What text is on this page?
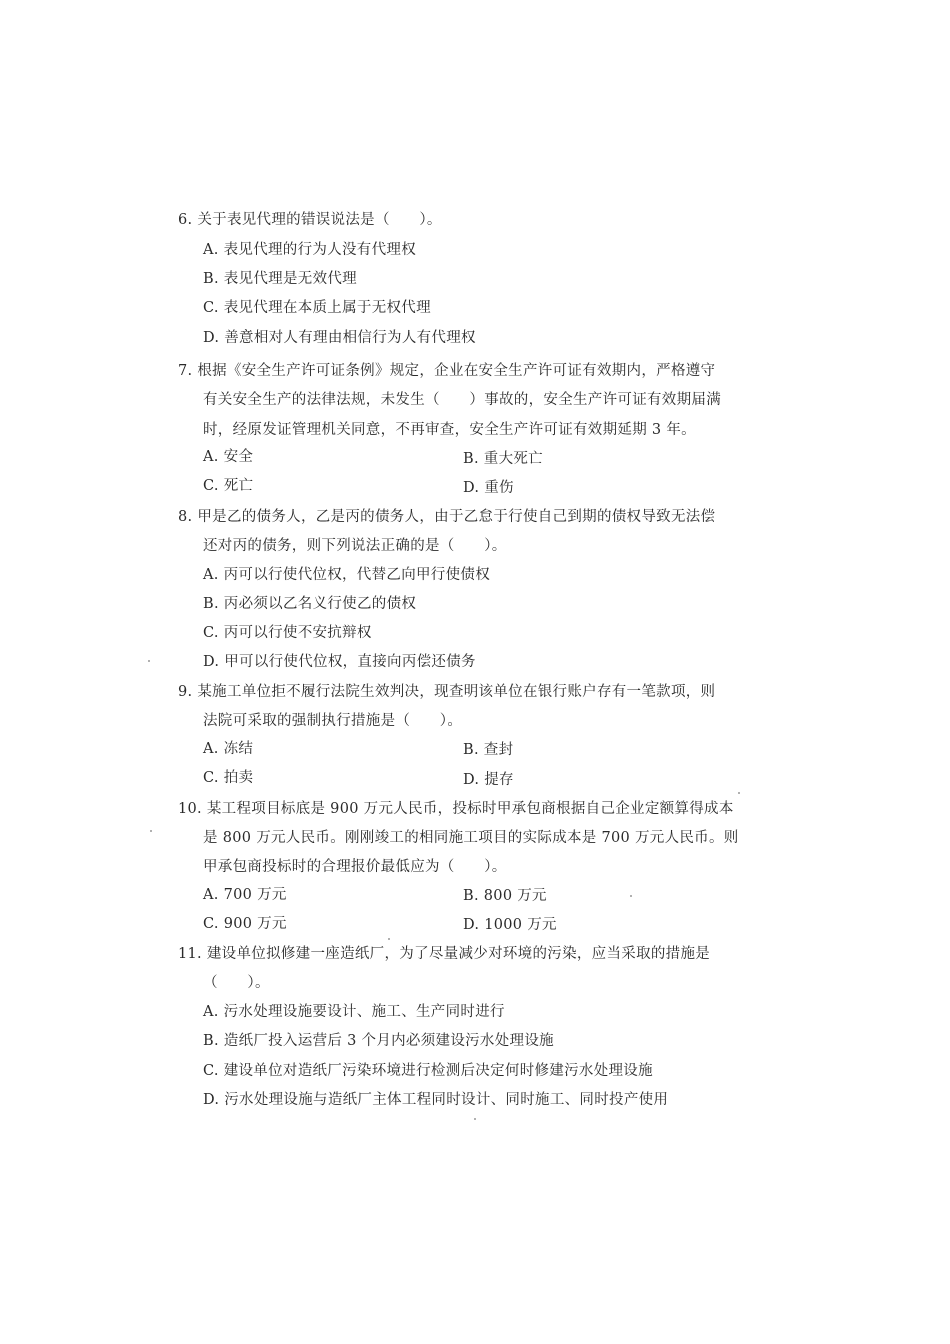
6. 关于表见代理的错误说法是（　　）。
A. 表见代理的行为人没有代理权
B. 表见代理是无效代理
C. 表见代理在本质上属于无权代理
D. 善意相对人有理由相信行为人有代理权
7. 根据《安全生产许可证条例》规定，企业在安全生产许可证有效期内，严格遵守
有关安全生产的法律法规，未发生（　　）事故的，安全生产许可证有效期届满
时，经原发证管理机关同意，不再审查，安全生产许可证有效期延期 3 年。
A. 安全	B. 重大死亡
C. 死亡	D. 重伤
8. 甲是乙的债务人，乙是丙的债务人，由于乙怠于行使自己到期的债权导致无法偿
还对丙的债务，则下列说法正确的是（　　）。
A. 丙可以行使代位权，代替乙向甲行使债权
B. 丙必须以乙名义行使乙的债权
C. 丙可以行使不安抗辩权
D. 甲可以行使代位权，直接向丙偿还债务
9. 某施工单位拒不履行法院生效判决，现查明该单位在银行账户存有一笔款项，则
法院可采取的强制执行措施是（　　）。
A. 冻结	B. 查封
C. 拍卖	D. 提存
10. 某工程项目标底是 900 万元人民币，投标时甲承包商根据自己企业定额算得成本
是 800 万元人民币。刚刚竣工的相同施工项目的实际成本是 700 万元人民币。则
甲承包商投标时的合理报价最低应为（　　）。
A. 700 万元	B. 800 万元
C. 900 万元	D. 1000 万元
11. 建设单位拟修建一座造纸厂，为了尽量减少对环境的污染，应当采取的措施是
（　　）。
A. 污水处理设施要设计、施工、生产同时进行
B. 造纸厂投入运营后 3 个月内必须建设污水处理设施
C. 建设单位对造纸厂污染环境进行检测后决定何时修建污水处理设施
D. 污水处理设施与造纸厂主体工程同时设计、同时施工、同时投产使用
